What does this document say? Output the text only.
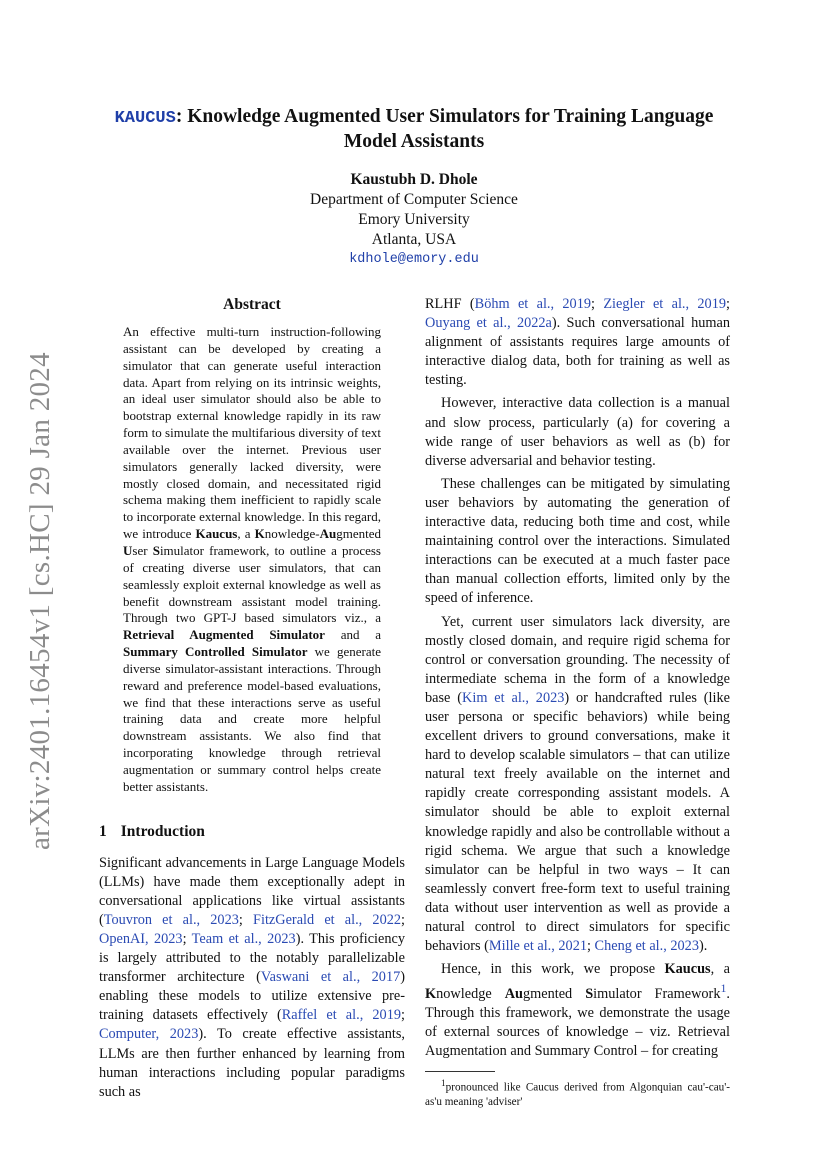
KAUCUS: Knowledge Augmented User Simulators for Training Language Model Assistants
Kaustubh D. Dhole
Department of Computer Science
Emory University
Atlanta, USA
kdhole@emory.edu
arXiv:2401.16454v1 [cs.HC] 29 Jan 2024
Abstract

An effective multi-turn instruction-following assistant can be developed by creating a simulator that can generate useful interaction data. Apart from relying on its intrinsic weights, an ideal user simulator should also be able to bootstrap external knowledge rapidly in its raw form to simulate the multifarious diversity of text available over the internet. Previous user simulators generally lacked diversity, were mostly closed domain, and necessitated rigid schema making them inefficient to rapidly scale to incorporate external knowledge. In this regard, we introduce Kaucus, a Knowledge-Augmented User Simulator framework, to outline a process of creating diverse user simulators, that can seamlessly exploit external knowledge as well as benefit downstream assistant model training. Through two GPT-J based simulators viz., a Retrieval Augmented Simulator and a Summary Controlled Simulator we generate diverse simulator-assistant interactions. Through reward and preference model-based evaluations, we find that these interactions serve as useful training data and create more helpful downstream assistants. We also find that incorporating knowledge through retrieval augmentation or summary control helps create better assistants.

1 Introduction

Significant advancements in Large Language Models (LLMs) have made them exceptionally adept in conversational applications like virtual assistants (Touvron et al., 2023; FitzGerald et al., 2022; OpenAI, 2023; Team et al., 2023). This proficiency is largely attributed to the notably parallelizable transformer architecture (Vaswani et al., 2017) enabling these models to utilize extensive pre-training datasets effectively (Raffel et al., 2019; Computer, 2023). To create effective assistants, LLMs are then further enhanced by learning from human interactions including popular paradigms such as

RLHF (Böhm et al., 2019; Ziegler et al., 2019; Ouyang et al., 2022a). Such conversational human alignment of assistants requires large amounts of interactive dialog data, both for training as well as testing.

However, interactive data collection is a manual and slow process, particularly (a) for covering a wide range of user behaviors as well as (b) for diverse adversarial and behavior testing.

These challenges can be mitigated by simulating user behaviors by automating the generation of interactive data, reducing both time and cost, while maintaining control over the interactions. Simulated interactions can be executed at a much faster pace than manual collection efforts, limited only by the speed of inference.

Yet, current user simulators lack diversity, are mostly closed domain, and require rigid schema for control or conversation grounding. The necessity of intermediate schema in the form of a knowledge base (Kim et al., 2023) or handcrafted rules (like user persona or specific behaviors) while being excellent drivers to ground conversations, make it hard to develop scalable simulators – that can utilize natural text freely available on the internet and rapidly create corresponding assistant models. A simulator should be able to exploit external knowledge rapidly and also be controllable without a rigid schema. We argue that such a knowledge simulator can be helpful in two ways – It can seamlessly convert free-form text to useful training data without user intervention as well as provide a natural control to direct simulators for specific behaviors (Mille et al., 2021; Cheng et al., 2023).

Hence, in this work, we propose Kaucus, a Knowledge Augmented Simulator Framework$^1$. Through this framework, we demonstrate the usage of external sources of knowledge – viz. Retrieval Augmentation and Summary Control – for creating

$^1$pronounced like Caucus derived from Algonquian cau'-cau'-as'u meaning 'adviser'
